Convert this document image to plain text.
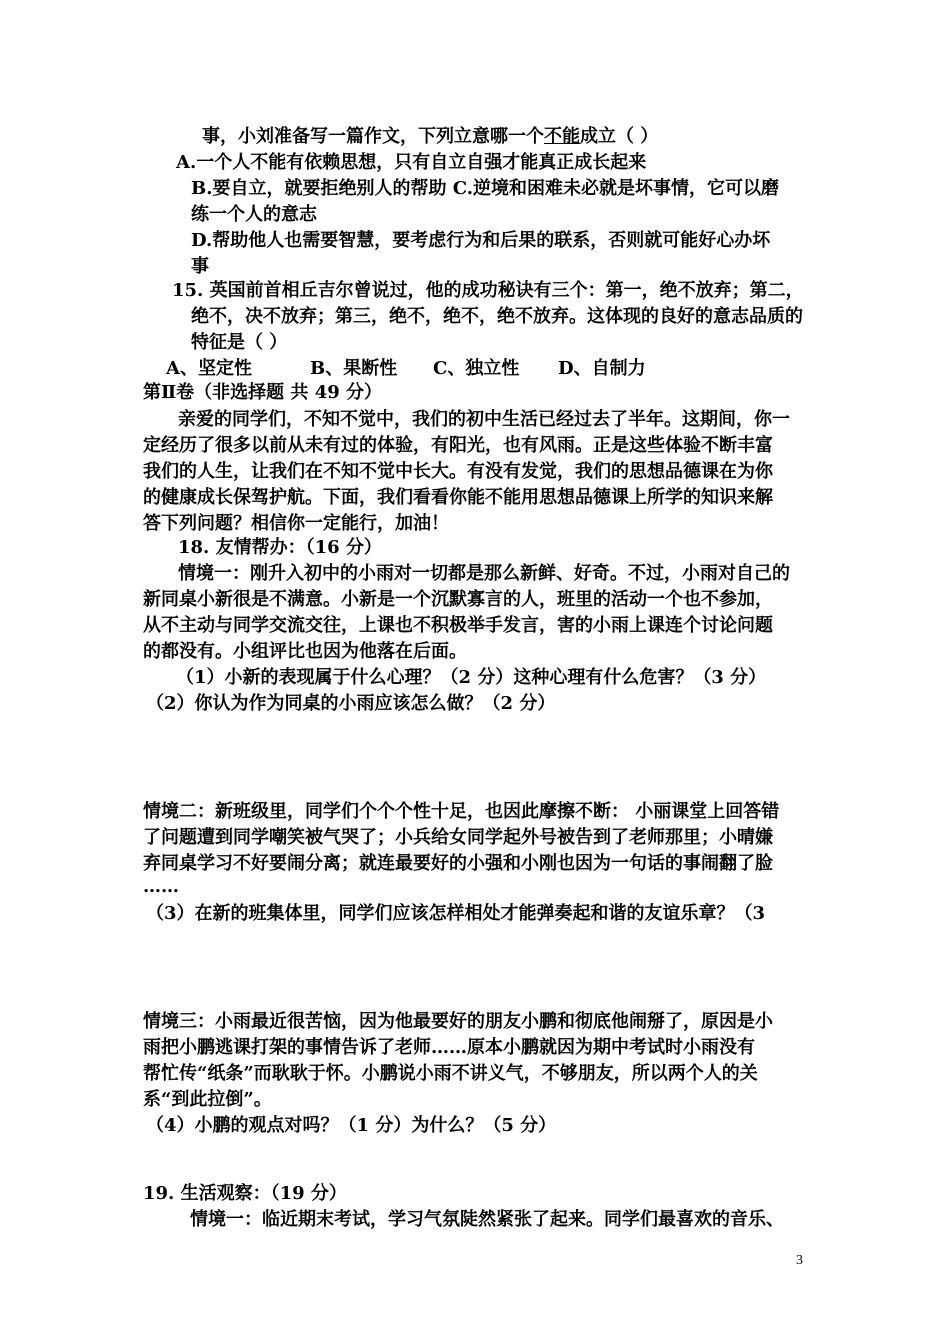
事，小刘准备写一篇作文，下列立意哪一个不能成立（ ）
A.一个人不能有依赖思想，只有自立自强才能真正成长起来
B.要自立，就要拒绝别人的帮助 C.逆境和困难未必就是坏事情，它可以磨
练一个人的意志
D.帮助他人也需要智慧，要考虑行为和后果的联系，否则就可能好心办坏
事
15. 英国前首相丘吉尔曾说过，他的成功秘诀有三个：第一，绝不放弃；第二，
绝不，决不放弃；第三，绝不，绝不，绝不放弃。这体现的良好的意志品质的
特征是（ ）
A、坚定性	B、果断性 C、独立性 D、自制力
第Ⅱ卷（非选择题 共 49 分）
亲爱的同学们，不知不觉中，我们的初中生活已经过去了半年。这期间，你一
定经历了很多以前从未有过的体验，有阳光，也有风雨。正是这些体验不断丰富
我们的人生，让我们在不知不觉中长大。有没有发觉，我们的思想品德课在为你
的健康成长保驾护航。下面，我们看看你能不能用思想品德课上所学的知识来解
答下列问题？相信你一定能行，加油！
18. 友情帮办：（16 分）
情境一：刚升入初中的小雨对一切都是那么新鲜、好奇。不过，小雨对自己的
新同桌小新很是不满意。小新是一个沉默寡言的人，班里的活动一个也不参加，
从不主动与同学交流交往，上课也不积极举手发言，害的小雨上课连个讨论问题
的都没有。小组评比也因为他落在后面。
（1）小新的表现属于什么心理？（2 分）这种心理有什么危害？（3 分）
（2）你认为作为同桌的小雨应该怎么做？（2 分）
情境二：新班级里，同学们个个个性十足，也因此摩擦不断： 小丽课堂上回答错
了问题遭到同学嘲笑被气哭了；小兵给女同学起外号被告到了老师那里；小晴嫌
弃同桌学习不好要闹分离；就连最要好的小强和小刚也因为一句话的事闹翻了脸
……
（3）在新的班集体里，同学们应该怎样相处才能弹奏起和谐的友谊乐章？（3
情境三：小雨最近很苦恼，因为他最要好的朋友小鹏和彻底他闹掰了，原因是小
雨把小鹏逃课打架的事情告诉了老师……原本小鹏就因为期中考试时小雨没有
帮忙传“纸条”而耿耿于怀。小鹏说小雨不讲义气，不够朋友，所以两个人的关
系“到此拉倒”。
（4）小鹏的观点对吗？（1 分）为什么？（5 分）
19. 生活观察：（19 分）
情境一：临近期末考试，学习气氛陡然紧张了起来。同学们最喜欢的音乐、
3
